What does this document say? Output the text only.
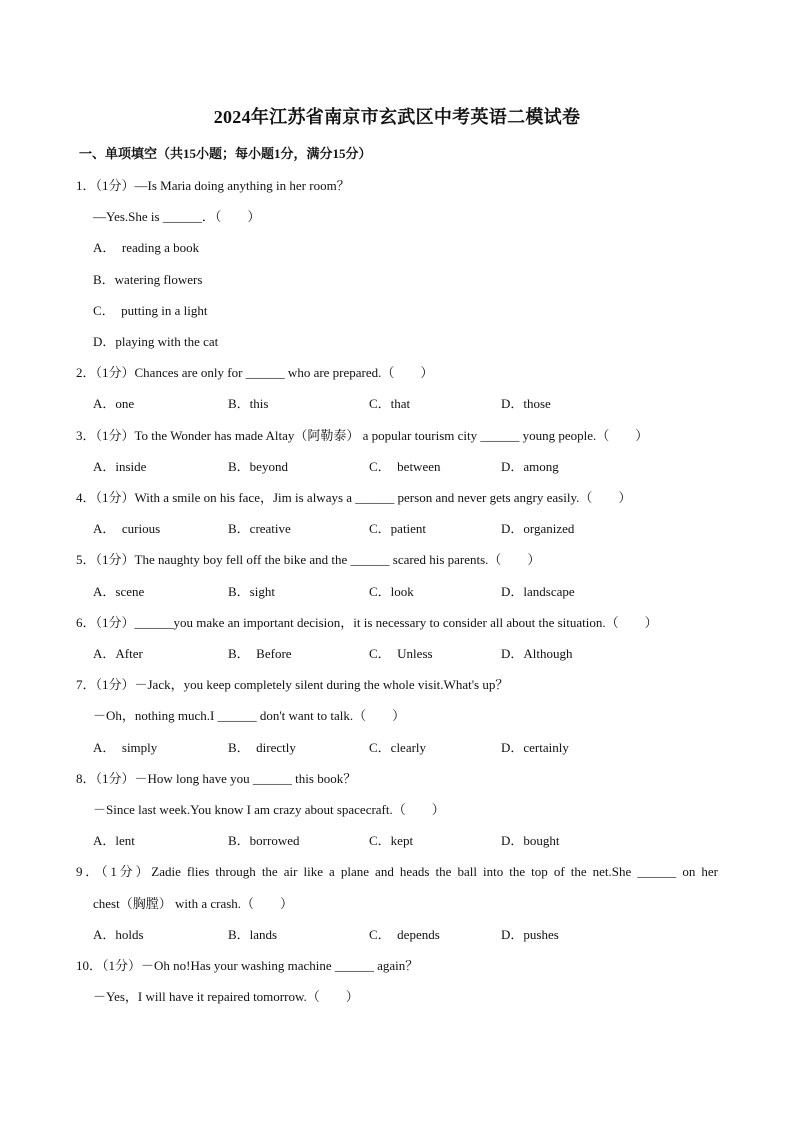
2024年江苏省南京市玄武区中考英语二模试卷
一、单项填空（共15小题；每小题1分，满分15分）
1．（1分）—Is Maria doing anything in her room？
—Yes.She is ______．（　　）
A．　reading a book
B．watering flowers
C．　putting in a light
D．playing with the cat
2．（1分）Chances are only for ______ who are prepared.（　　）
A．one	B．this	C．that	D．those
3．（1分）To the Wonder has made Altay（阿勒泰） a popular tourism city ______ young people.（　　）
A．inside	B．beyond	C．　between	D．among
4．（1分）With a smile on his face，Jim is always a ______ person and never gets angry easily.（　　）
A．　curious	B．creative	C．patient	D．organized
5．（1分）The naughty boy fell off the bike and the ______ scared his parents.（　　）
A．scene	B．sight	C．look	D．landscape
6．（1分）______you make an important decision，it is necessary to consider all about the situation.（　　）
A．After	B．　Before	C．　Unless	D．Although
7．（1分）－Jack，you keep completely silent during the whole visit.What's up？
－Oh，nothing much.I ______ don't want to talk.（　　）
A．　simply	B．　directly	C．clearly	D．certainly
8．（1分）－How long have you ______ this book？
－Since last week.You know I am crazy about spacecraft.（　　）
A．lent	B．borrowed	C．kept	D．bought
9．（1分）Zadie flies through the air like a plane and heads the ball into the top of the net.She ______ on her
chest（胸膛） with a crash.（　　）
A．holds	B．lands	C．　depends	D．pushes
10．（1分）－Oh no!Has your washing machine ______ again？
－Yes，I will have it repaired tomorrow.（　　）
